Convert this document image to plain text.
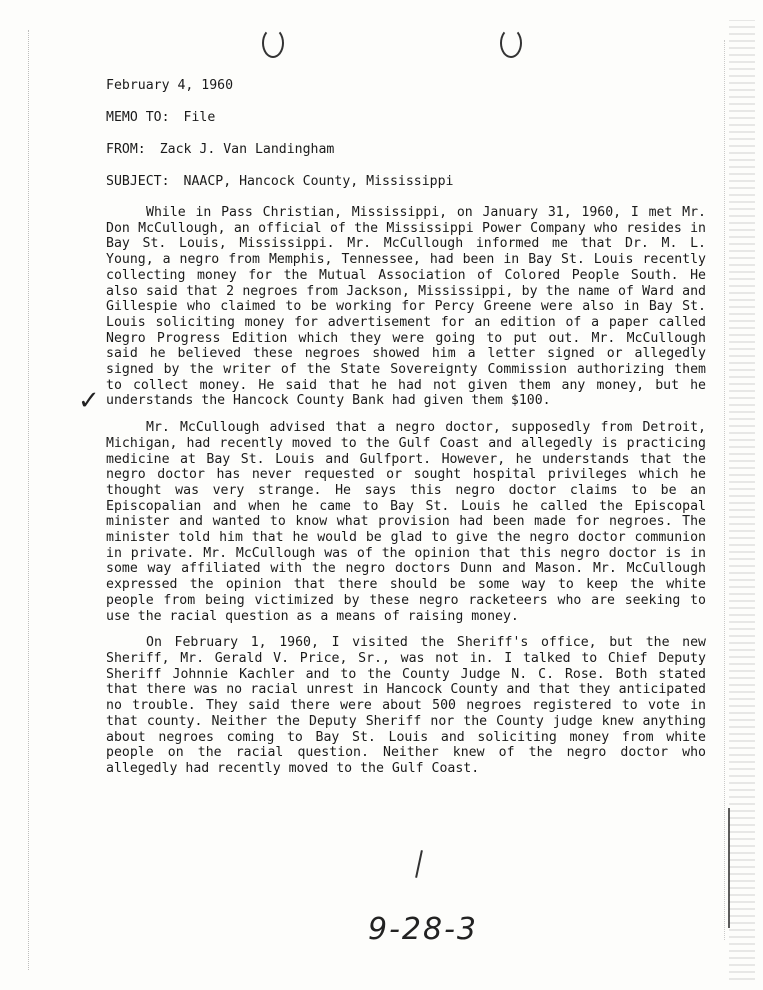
February 4, 1960
MEMO TO: File
FROM: Zack J. Van Landingham
SUBJECT: NAACP, Hancock County, Mississippi

While in Pass Christian, Mississippi, on January 31, 1960, I met Mr. Don McCullough, an official of the Mississippi Power Company who resides in Bay St. Louis, Mississippi. Mr. McCullough informed me that Dr. M. L. Young, a negro from Memphis, Tennessee, had been in Bay St. Louis recently collecting money for the Mutual Association of Colored People South. He also said that 2 negroes from Jackson, Mississippi, by the name of Ward and Gillespie who claimed to be working for Percy Greene were also in Bay St. Louis soliciting money for advertisement for an edition of a paper called Negro Progress Edition which they were going to put out. Mr. McCullough said he believed these negroes showed him a letter signed or allegedly signed by the writer of the State Sovereignty Commission authorizing them to collect money. He said that he had not given them any money, but he understands the Hancock County Bank had given them $100.

Mr. McCullough advised that a negro doctor, supposedly from Detroit, Michigan, had recently moved to the Gulf Coast and allegedly is practicing medicine at Bay St. Louis and Gulfport. However, he understands that the negro doctor has never requested or sought hospital privileges which he thought was very strange. He says this negro doctor claims to be an Episcopalian and when he came to Bay St. Louis he called the Episcopal minister and wanted to know what provision had been made for negroes. The minister told him that he would be glad to give the negro doctor communion in private. Mr. McCullough was of the opinion that this negro doctor is in some way affiliated with the negro doctors Dunn and Mason. Mr. McCullough expressed the opinion that there should be some way to keep the white people from being victimized by these negro racketeers who are seeking to use the racial question as a means of raising money.

On February 1, 1960, I visited the Sheriff's office, but the new Sheriff, Mr. Gerald V. Price, Sr., was not in. I talked to Chief Deputy Sheriff Johnnie Kachler and to the County Judge N. C. Rose. Both stated that there was no racial unrest in Hancock County and that they anticipated no trouble. They said there were about 500 negroes registered to vote in that county. Neither the Deputy Sheriff nor the County judge knew anything about negroes coming to Bay St. Louis and soliciting money from white people on the racial question. Neither knew of the negro doctor who allegedly had recently moved to the Gulf Coast.

✓
9-28-3
